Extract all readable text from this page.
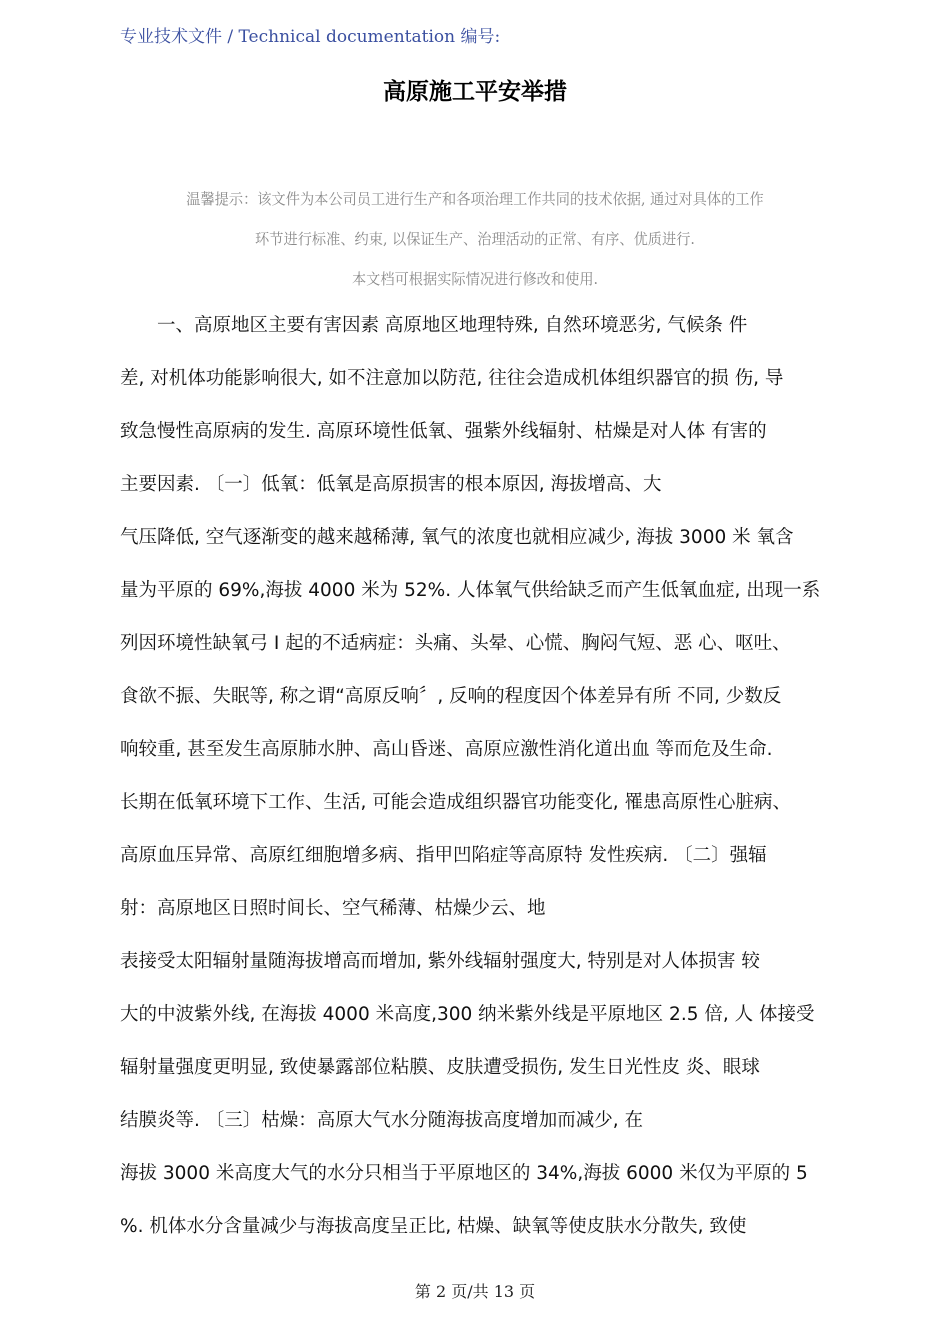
专业技术文件 / Technical documentation 编号:
高原施工平安举措
温馨提示：该文件为本公司员工进行生产和各项治理工作共同的技术依据, 通过对具体的工作
环节进行标准、约束, 以保证生产、治理活动的正常、有序、优质进行.
本文档可根据实际情况进行修改和使用.
　　一、高原地区主要有害因素 高原地区地理特殊, 自然环境恶劣, 气候条 件
差, 对机体功能影响很大, 如不注意加以防范, 往往会造成机体组织器官的损 伤, 导
致急慢性高原病的发生. 高原环境性低氧、强紫外线辐射、枯燥是对人体 有害的
主要因素. 〔一〕低氧：低氧是高原损害的根本原因, 海拔增高、大
气压降低, 空气逐渐变的越来越稀薄, 氧气的浓度也就相应减少, 海拔 3000 米 氧含
量为平原的 69%,海拔 4000 米为 52%. 人体氧气供给缺乏而产生低氧血症, 出现一系
列因环境性缺氧弓 I 起的不适病症：头痛、头晕、心慌、胸闷气短、恶 心、呕吐、
食欲不振、失眠等, 称之谓“高原反响〞, 反响的程度因个体差异有所 不同, 少数反
响较重, 甚至发生高原肺水肿、高山昏迷、高原应激性消化道出血 等而危及生命.
长期在低氧环境下工作、生活, 可能会造成组织器官功能变化, 罹患高原性心脏病、
高原血压异常、高原红细胞增多病、指甲凹陷症等高原特 发性疾病. 〔二〕强辐
射：高原地区日照时间长、空气稀薄、枯燥少云、地
表接受太阳辐射量随海拔增高而增加, 紫外线辐射强度大, 特别是对人体损害 较
大的中波紫外线, 在海拔 4000 米高度,300 纳米紫外线是平原地区 2.5 倍, 人 体接受
辐射量强度更明显, 致使暴露部位粘膜、皮肤遭受损伤, 发生日光性皮 炎、眼球
结膜炎等. 〔三〕枯燥：高原大气水分随海拔高度增加而减少, 在
海拔 3000 米高度大气的水分只相当于平原地区的 34%,海拔 6000 米仅为平原的 5
%. 机体水分含量减少与海拔高度呈正比, 枯燥、缺氧等使皮肤水分散失, 致使
第 2 页/共 13 页
